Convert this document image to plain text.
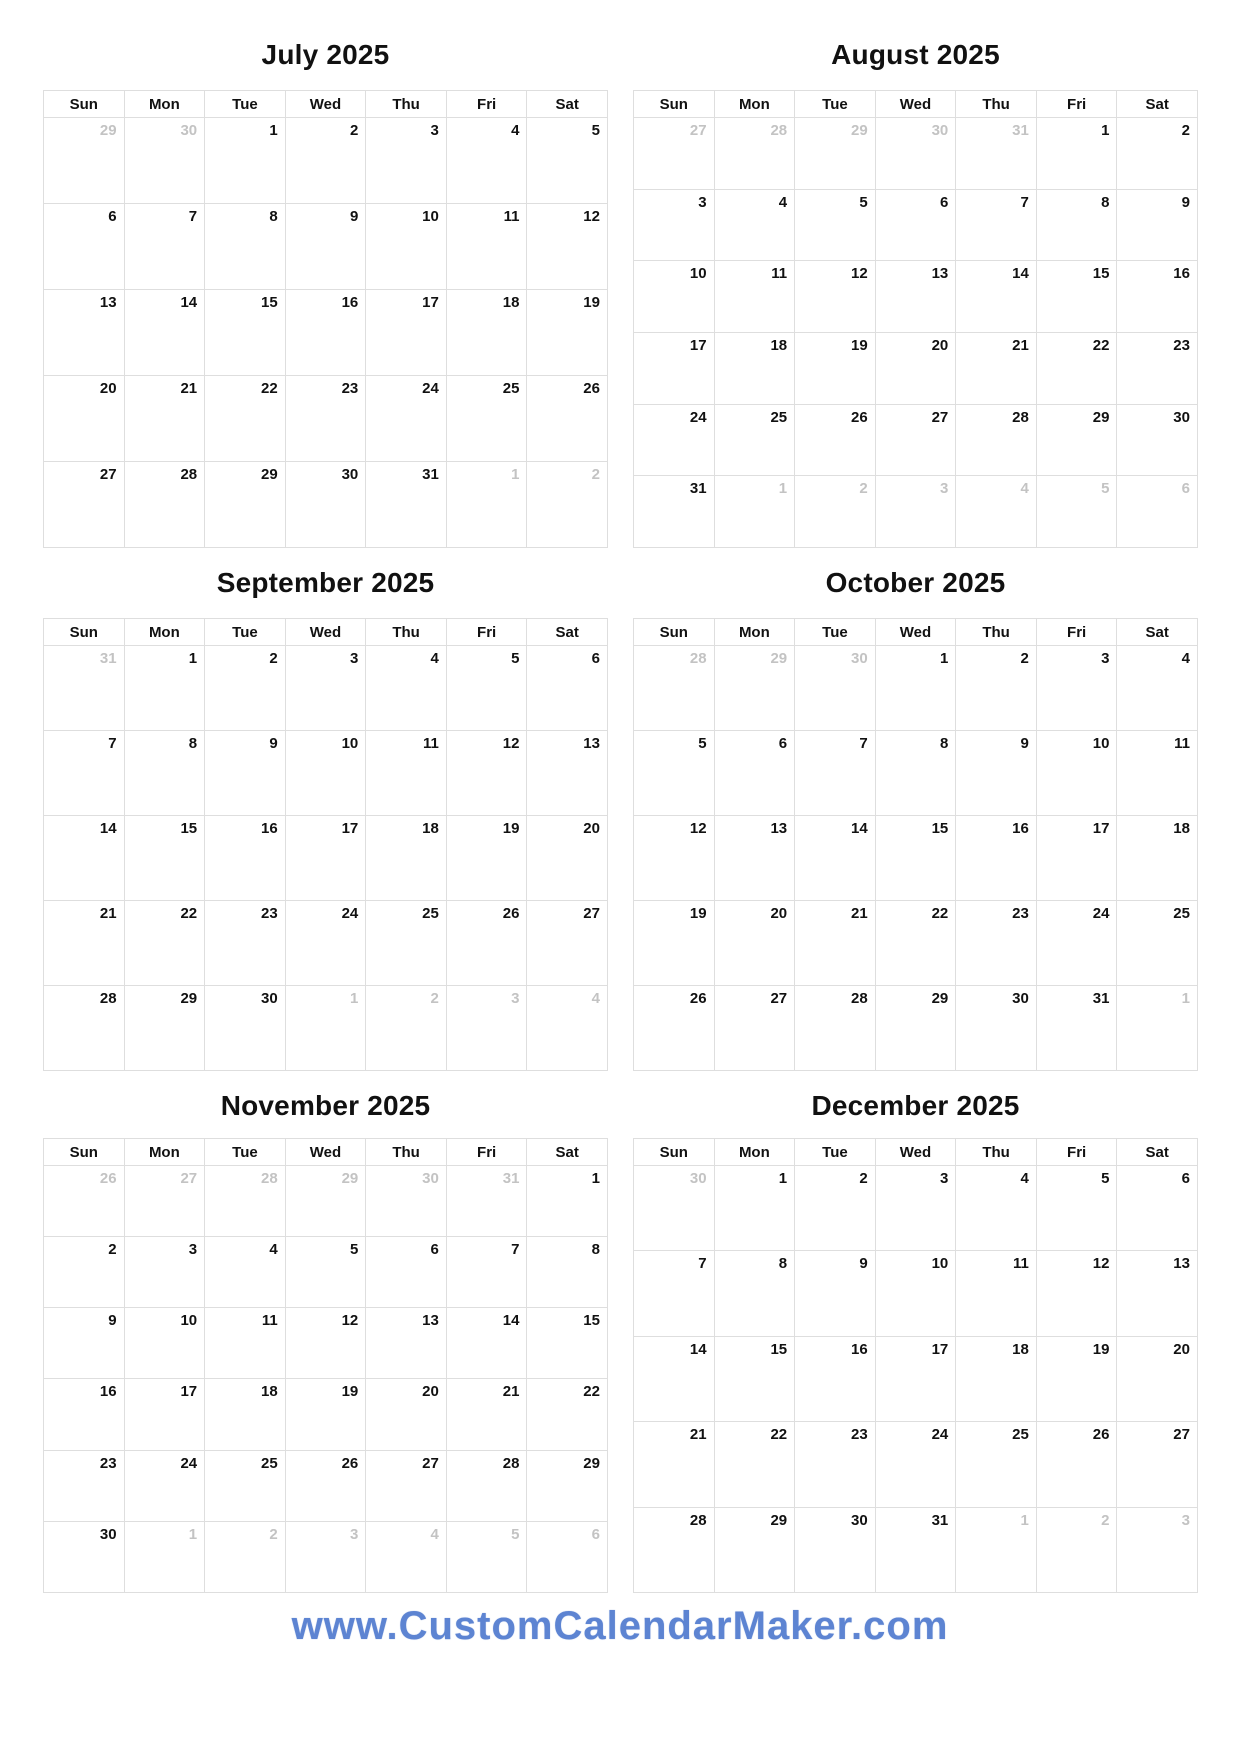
July 2025
Sun	Mon	Tue	Wed	Thu	Fri	Sat
29	30	1	2	3	4	5
6	7	8	9	10	11	12
13	14	15	16	17	18	19
20	21	22	23	24	25	26
27	28	29	30	31	1	2
August 2025
Sun	Mon	Tue	Wed	Thu	Fri	Sat
27	28	29	30	31	1	2
3	4	5	6	7	8	9
10	11	12	13	14	15	16
17	18	19	20	21	22	23
24	25	26	27	28	29	30
31	1	2	3	4	5	6
September 2025
Sun	Mon	Tue	Wed	Thu	Fri	Sat
31	1	2	3	4	5	6
7	8	9	10	11	12	13
14	15	16	17	18	19	20
21	22	23	24	25	26	27
28	29	30	1	2	3	4
October 2025
Sun	Mon	Tue	Wed	Thu	Fri	Sat
28	29	30	1	2	3	4
5	6	7	8	9	10	11
12	13	14	15	16	17	18
19	20	21	22	23	24	25
26	27	28	29	30	31	1
November 2025
Sun	Mon	Tue	Wed	Thu	Fri	Sat
26	27	28	29	30	31	1
2	3	4	5	6	7	8
9	10	11	12	13	14	15
16	17	18	19	20	21	22
23	24	25	26	27	28	29
30	1	2	3	4	5	6
December 2025
Sun	Mon	Tue	Wed	Thu	Fri	Sat
30	1	2	3	4	5	6
7	8	9	10	11	12	13
14	15	16	17	18	19	20
21	22	23	24	25	26	27
28	29	30	31	1	2	3
www.CustomCalendarMaker.com
